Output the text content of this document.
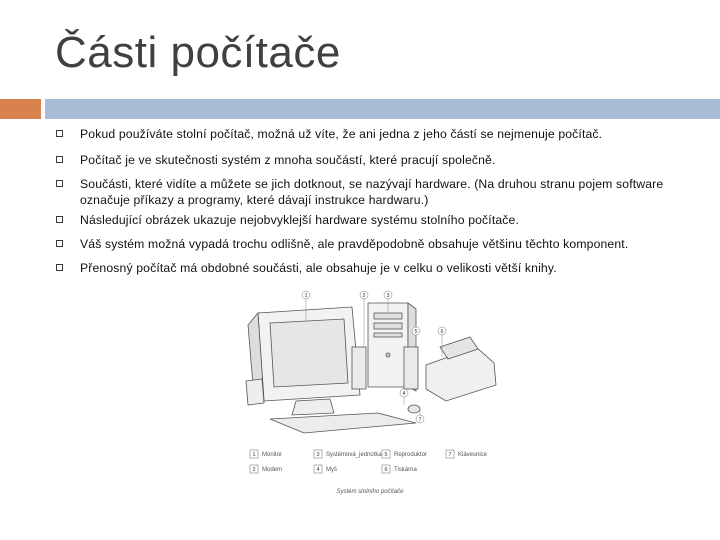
Části počítače
Pokud používáte stolní počítač, možná už víte, že ani jedna z jeho částí se nejmenuje počítač.
Počítač je ve skutečnosti systém z mnoha součástí, které pracují společně.
Součásti, které vidíte a můžete se jich dotknout, se nazývají hardware. (Na druhou stranu pojem software označuje příkazy a programy, které dávají instrukce hardwaru.)
Následující obrázek ukazuje nejobvyklejší hardware systému stolního počítače.
Váš systém možná vypadá trochu odlišně, ale pravděpodobně obsahuje většinu těchto komponent.
Přenosný počítač má obdobné součásti, ale obsahuje je v celku o velikosti větší knihy.
1	2	3
5	6
4
7
1 Monitor
2 Modem
3 Systémová_jednotka
4 Myš
5 Reproduktor
6 Tiskárna
7 Klávesnice
Systém stolního počítače
